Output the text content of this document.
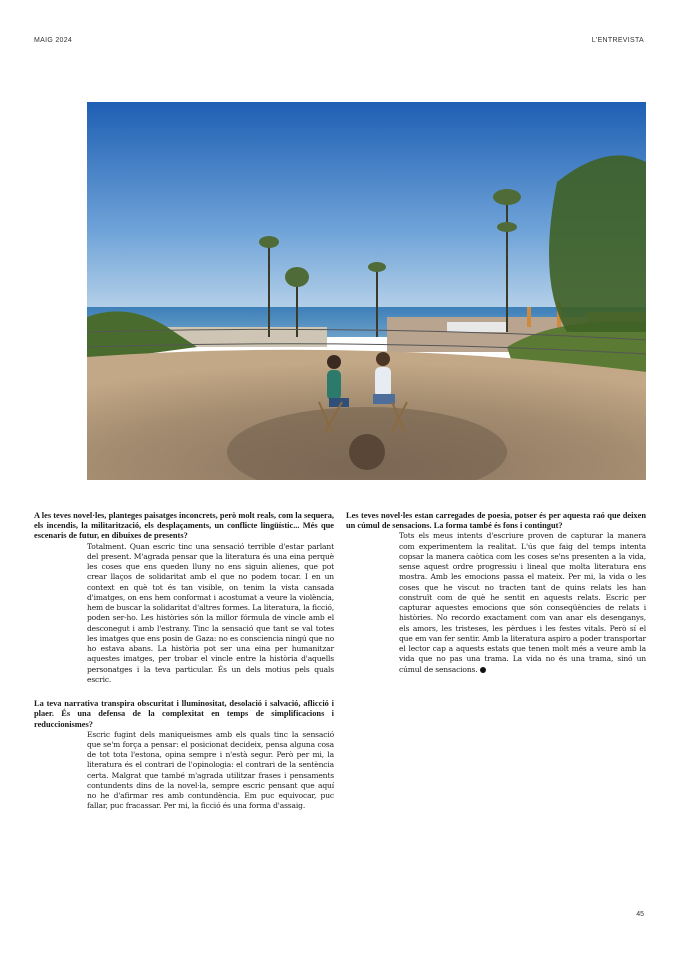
MAIG 2024	L'ENTREVISTA

A les teves novel·les, planteges paisatges inconcrets, però molt reals, com la sequera, els incendis, la militarització, els desplaçaments, un conflicte lingüístic... Més que escenaris de futur, en dibuixes de presents?

Totalment. Quan escric tinc una sensació terrible d'estar parlant del present. M'agrada pensar que la literatura és una eina perquè les coses que ens queden lluny no ens siguin alienes, que pot crear llaços de solidaritat amb el que no podem tocar. I en un context en què tot és tan visible, on tenim la vista cansada d'imatges, on ens hem conformat i acostumat a veure la violència, hem de buscar la solidaritat d'altres formes. La literatura, la ficció, poden ser-ho. Les històries són la millor fórmula de vincle amb el desconegut i amb l'estrany. Tinc la sensació que tant se val totes les imatges que ens posin de Gaza: no es consciencia ningú que no ho estava abans. La història pot ser una eina per humanitzar aquestes imatges, per trobar el vincle entre la història d'aquells personatges i la teva particular. És un dels motius pels quals escric.

La teva narrativa transpira obscuritat i lluminositat, desolació i salvació, aflicció i plaer. És una defensa de la complexitat en temps de simplificacions i reduccionismes?

Escric fugint dels maniqueismes amb els quals tinc la sensació que se'm força a pensar: el posicionat decideix, pensa alguna cosa de tot tota l'estona, opina sempre i n'està segur. Però per mi, la literatura és el contrari de l'opinologia: el contrari de la sentència certa. Malgrat que també m'agrada utilitzar frases i pensaments contundents dins de la novel·la, sempre escric pensant que aquí no he d'afirmar res amb contundència. Em puc equivocar, puc fallar, puc fracassar. Per mi, la ficció és una forma d'assaig.

Les teves novel·les estan carregades de poesia, potser és per aquesta raó que deixen un cúmul de sensacions. La forma també és fons i contingut?

Tots els meus intents d'escriure proven de capturar la manera com experimentem la realitat. L'ús que faig del temps intenta copsar la manera caòtica com les coses se'ns presenten a la vida, sense aquest ordre progressiu i lineal que molta literatura ens mostra. Amb les emocions passa el mateix. Per mi, la vida o les coses que he viscut no tracten tant de quins relats les han construït com de què he sentit en aquests relats. Escric per capturar aquestes emocions que són conseqüències de relats i històries. No recordo exactament com van anar els desenganys, els amors, les tristeses, les pèrdues i les festes vitals. Però sí el que em van fer sentir. Amb la literatura aspiro a poder transportar el lector cap a aquests estats que tenen molt més a veure amb la vida que no pas una trama. La vida no és una trama, sinó un cúmul de sensacions.

45
